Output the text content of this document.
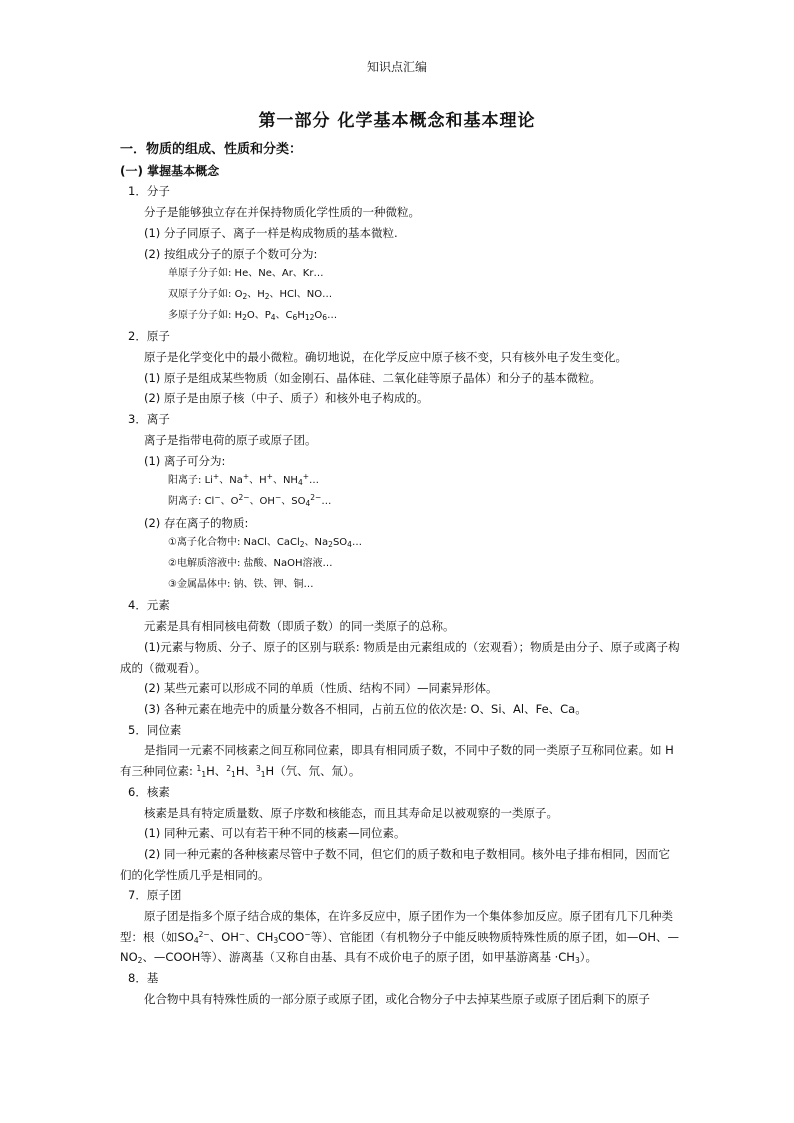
知识点汇编
第一部分 化学基本概念和基本理论
一．物质的组成、性质和分类：
(一) 掌握基本概念
1．分子
分子是能够独立存在并保持物质化学性质的一种微粒。
(1) 分子同原子、离子一样是构成物质的基本微粒.
(2) 按组成分子的原子个数可分为:
单原子分子如: He、Ne、Ar、Kr…
双原子分子如: $O_2$、$H_2$、HCl、NO…
多原子分子如: $H_2O$、$P_4$、$C_6H_{12}O_6\dots$
2．原子
原子是化学变化中的最小微粒。确切地说，在化学反应中原子核不变，只有核外电子发生变化。
(1) 原子是组成某些物质（如金刚石、晶体硅、二氧化硅等原子晶体）和分子的基本微粒。
(2) 原子是由原子核（中子、质子）和核外电子构成的。
3．离子
离子是指带电荷的原子或原子团。
(1) 离子可分为:
阳离子: Li+、Na+、H+、$NH_4^+\dots$
阴离子: Cl−、$O^{2-}$、OH−、$SO_4^{2-}\dots$
(2) 存在离子的物质:
①离子化合物中: NaCl、CaCl$_2$、$Na_2SO_4\dots$
②电解质溶液中: 盐酸、NaOH溶液…
③金属晶体中: 钠、铁、钾、铜…
4．元素
元素是具有相同核电荷数（即质子数）的同一类原子的总称。
(1)元素与物质、分子、原子的区别与联系: 物质是由元素组成的（宏观看）；物质是由分子、原子或离子构成的（微观看）。
(2) 某些元素可以形成不同的单质（性质、结构不同）—同素异形体。
(3) 各种元素在地壳中的质量分数各不相同，占前五位的依次是: O、Si、Al、Fe、Ca。
5．同位素
是指同一元素不同核素之间互称同位素，即具有相同质子数，不同中子数的同一类原子互称同位素。如 H 有三种同位素: $^1_1$H、$^2_1$H、$^3_1$H（氕、氘、氚）。
6．核素
核素是具有特定质量数、原子序数和核能态，而且其寿命足以被观察的一类原子。
(1) 同种元素、可以有若干种不同的核素—同位素。
(2) 同一种元素的各种核素尽管中子数不同，但它们的质子数和电子数相同。核外电子排布相同，因而它们的化学性质几乎是相同的。
7．原子团
原子团是指多个原子结合成的集体，在许多反应中，原子团作为一个集体参加反应。原子团有几下几种类型：根（如$SO_4^{2-}$、OH−、$CH_3COO^-$等）、官能团（有机物分子中能反映物质特殊性质的原子团，如—OH、$—NO_2$、—COOH等）、游离基（又称自由基、具有不成价电子的原子团，如甲基游离基 $\cdot CH_3$）。
8．基
化合物中具有特殊性质的一部分原子或原子团，或化合物分子中去掉某些原子或原子团后剩下的原子
